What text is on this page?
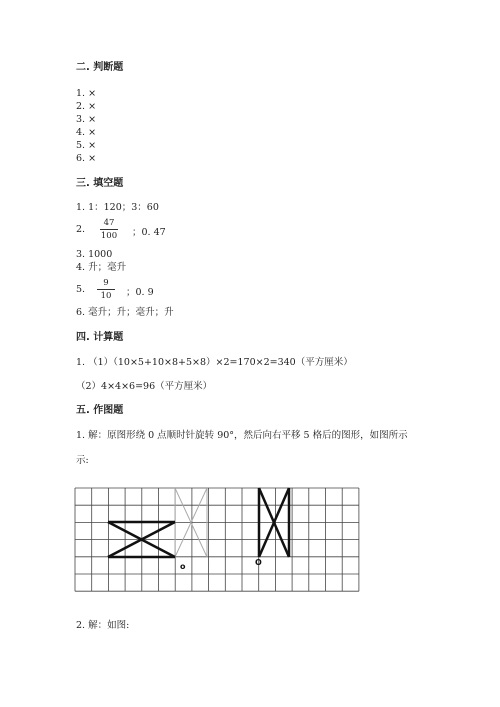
二. 判断题
1. ×
2. ×
3. ×
4. ×
5. ×
6. ×
三. 填空题
1. 1：120；3：60
2.
47
100 ；0. 47
3. 1000
4. 升；毫升
5.
9
10	；0. 9
6. 毫升；升；毫升；升
四. 计算题
1. （1）（10×5+10×8+5×8）×2=170×2=340（平方厘米）
（2）4×4×6=96（平方厘米）
五. 作图题
1. 解：原图形绕 0 点顺时针旋转 90°，然后向右平移 5 格后的图形，如图所示
示:
o	O
2. 解：如图:
